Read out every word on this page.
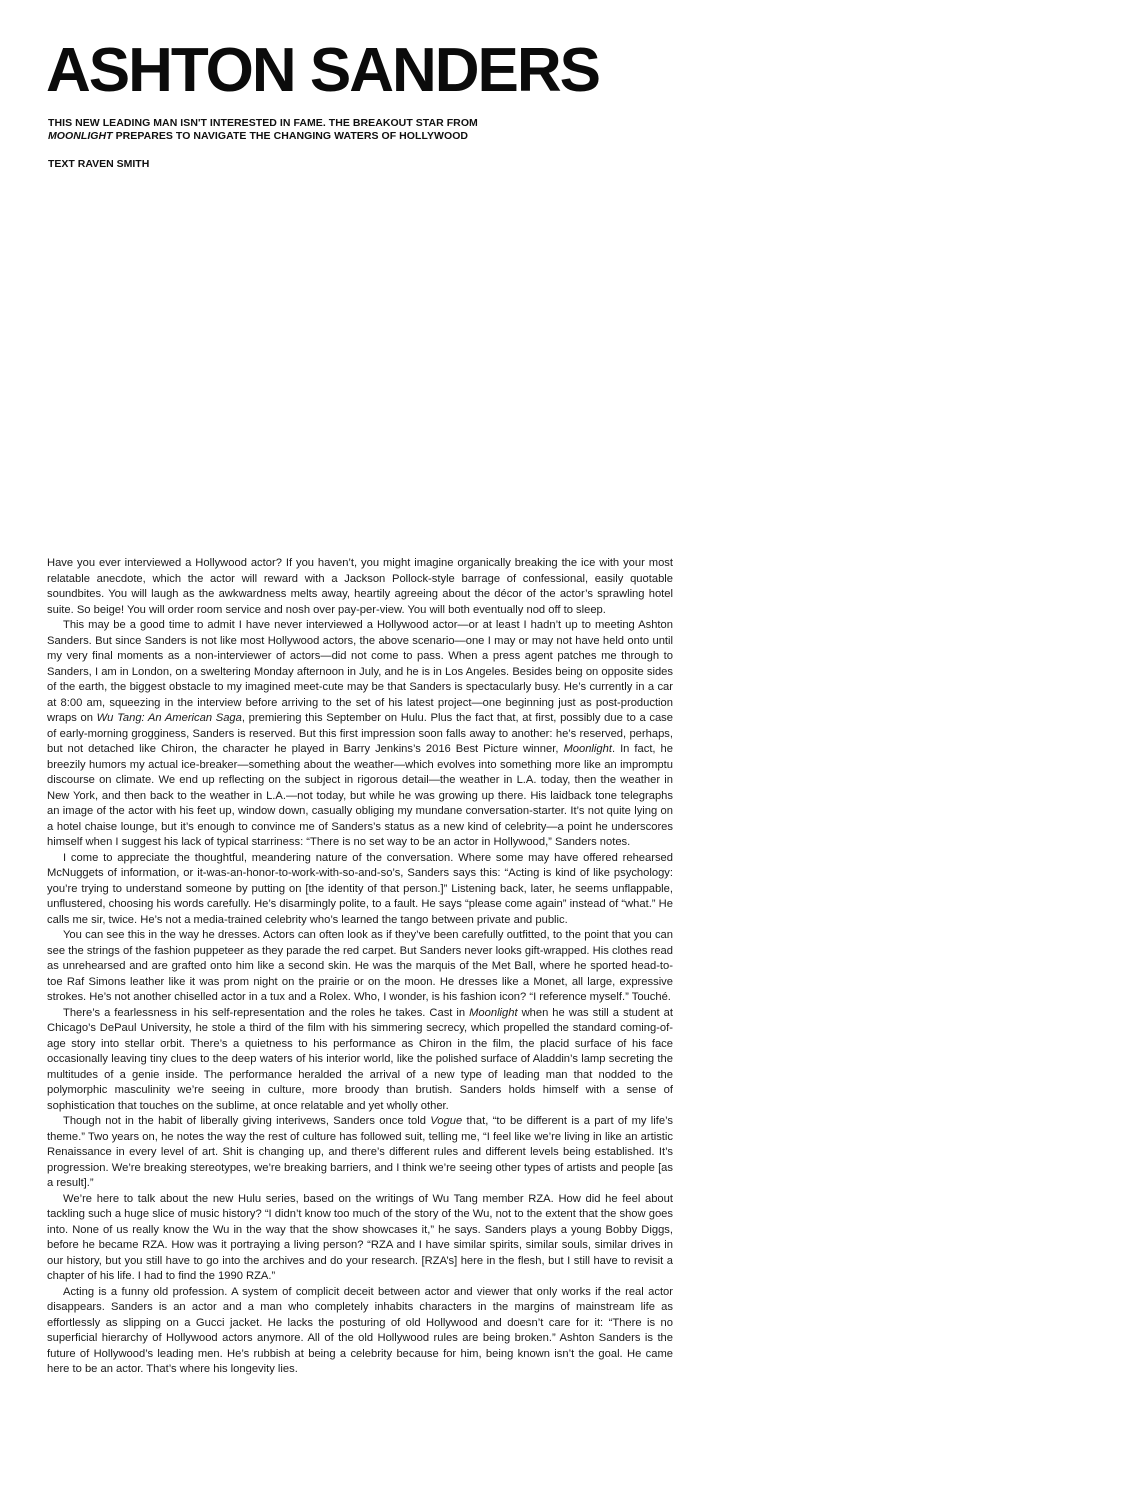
ASHTON SANDERS
THIS NEW LEADING MAN ISN'T INTERESTED IN FAME. THE BREAKOUT STAR FROM
MOONLIGHT PREPARES TO NAVIGATE THE CHANGING WATERS OF HOLLYWOOD
TEXT RAVEN SMITH

Have you ever interviewed a Hollywood actor? If you haven’t, you might imagine organically breaking the ice with your most relatable anecdote, which the actor will reward with a Jackson Pollock-style barrage of confessional, easily quotable soundbites. You will laugh as the awkwardness melts away, heartily agreeing about the décor of the actor’s sprawling hotel suite. So beige! You will order room service and nosh over pay-per-view. You will both eventually nod off to sleep.

This may be a good time to admit I have never interviewed a Hollywood actor—or at least I hadn’t up to meeting Ashton Sanders. But since Sanders is not like most Hollywood actors, the above scenario—one I may or may not have held onto until my very final moments as a non-interviewer of actors—did not come to pass. When a press agent patches me through to Sanders, I am in London, on a sweltering Monday afternoon in July, and he is in Los Angeles. Besides being on opposite sides of the earth, the biggest obstacle to my imagined meet-cute may be that Sanders is spectacularly busy. He’s currently in a car at 8:00 am, squeezing in the interview before arriving to the set of his latest project—one beginning just as post-production wraps on Wu Tang: An American Saga, premiering this September on Hulu. Plus the fact that, at first, possibly due to a case of early-morning grogginess, Sanders is reserved. But this first impression soon falls away to another: he’s reserved, perhaps, but not detached like Chiron, the character he played in Barry Jenkins’s 2016 Best Picture winner, Moonlight. In fact, he breezily humors my actual ice-breaker—something about the weather—which evolves into something more like an impromptu discourse on climate. We end up reflecting on the subject in rigorous detail—the weather in L.A. today, then the weather in New York, and then back to the weather in L.A.—not today, but while he was growing up there. His laidback tone telegraphs an image of the actor with his feet up, window down, casually obliging my mundane conversation-starter. It’s not quite lying on a hotel chaise lounge, but it’s enough to convince me of Sanders’s status as a new kind of celebrity—a point he underscores himself when I suggest his lack of typical starriness: “There is no set way to be an actor in Hollywood,” Sanders notes.

I come to appreciate the thoughtful, meandering nature of the conversation. Where some may have offered rehearsed McNuggets of information, or it-was-an-honor-to-work-with-so-and-so’s, Sanders says this: “Acting is kind of like psychology: you’re trying to understand someone by putting on [the identity of that person.]” Listening back, later, he seems unflappable, unflustered, choosing his words carefully. He’s disarmingly polite, to a fault. He says “please come again” instead of “what.” He calls me sir, twice. He’s not a media-trained celebrity who’s learned the tango between private and public.

You can see this in the way he dresses. Actors can often look as if they’ve been carefully outfitted, to the point that you can see the strings of the fashion puppeteer as they parade the red carpet. But Sanders never looks gift-wrapped. His clothes read as unrehearsed and are grafted onto him like a second skin. He was the marquis of the Met Ball, where he sported head-to-toe Raf Simons leather like it was prom night on the prairie or on the moon. He dresses like a Monet, all large, expressive strokes. He’s not another chiselled actor in a tux and a Rolex. Who, I wonder, is his fashion icon? “I reference myself.” Touché.

There’s a fearlessness in his self-representation and the roles he takes. Cast in Moonlight when he was still a student at Chicago’s DePaul University, he stole a third of the film with his simmering secrecy, which propelled the standard coming-of-age story into stellar orbit. There’s a quietness to his performance as Chiron in the film, the placid surface of his face occasionally leaving tiny clues to the deep waters of his interior world, like the polished surface of Aladdin’s lamp secreting the multitudes of a genie inside. The performance heralded the arrival of a new type of leading man that nodded to the polymorphic masculinity we’re seeing in culture, more broody than brutish. Sanders holds himself with a sense of sophistication that touches on the sublime, at once relatable and yet wholly other.

Though not in the habit of liberally giving interivews, Sanders once told Vogue that, “to be different is a part of my life’s theme.” Two years on, he notes the way the rest of culture has followed suit, telling me, “I feel like we’re living in like an artistic Renaissance in every level of art. Shit is changing up, and there’s different rules and different levels being established. It’s progression. We’re breaking stereotypes, we’re breaking barriers, and I think we’re seeing other types of artists and people [as a result].”

We’re here to talk about the new Hulu series, based on the writings of Wu Tang member RZA. How did he feel about tackling such a huge slice of music history? “I didn’t know too much of the story of the Wu, not to the extent that the show goes into. None of us really know the Wu in the way that the show showcases it,” he says. Sanders plays a young Bobby Diggs, before he became RZA. How was it portraying a living person? “RZA and I have similar spirits, similar souls, similar drives in our history, but you still have to go into the archives and do your research. [RZA’s] here in the flesh, but I still have to revisit a chapter of his life. I had to find the 1990 RZA.”

Acting is a funny old profession. A system of complicit deceit between actor and viewer that only works if the real actor disappears. Sanders is an actor and a man who completely inhabits characters in the margins of mainstream life as effortlessly as slipping on a Gucci jacket. He lacks the posturing of old Hollywood and doesn’t care for it: “There is no superficial hierarchy of Hollywood actors anymore. All of the old Hollywood rules are being broken.” Ashton Sanders is the future of Hollywood’s leading men. He’s rubbish at being a celebrity because for him, being known isn’t the goal. He came here to be an actor. That’s where his longevity lies.
